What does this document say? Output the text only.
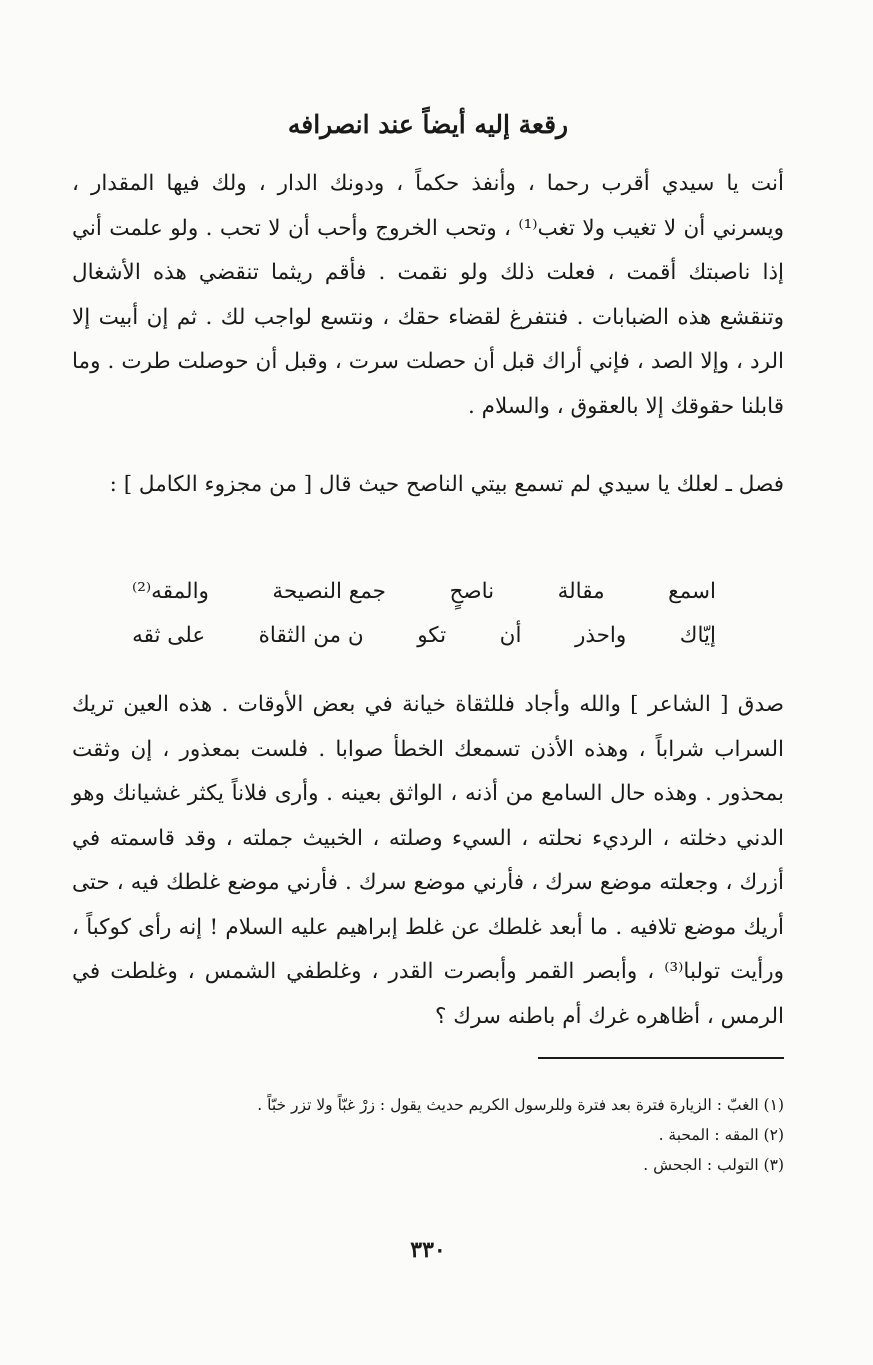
رقعة إليه أيضاً عند انصرافه

أنت يا سيدي أقرب رحما ، وأنفذ حكماً ، ودونك الدار ، ولك فيها المقدار ، ويسرني أن لا تغيب ولا تغب⁽¹⁾ ، وتحب الخروج وأحب أن لا تحب . ولو علمت أني إذا ناصبتك أقمت ، فعلت ذلك ولو نقمت . فأقم ريثما تنقضي هذه الأشغال وتنقشع هذه الضبابات . فنتفرغ لقضاء حقك ، ونتسع لواجب لك . ثم إن أبيت إلا الرد ، وإلا الصد ، فإني أراك قبل أن حصلت سرت ، وقبل أن حوصلت طرت . وما قابلنا حقوقك إلا بالعقوق ، والسلام .

فصل ـ لعلك يا سيدي لم تسمع بيتي الناصح حيث قال [ من مجزوء الكامل ] :

اسمع
مقالة
ناصحٍ
جمع النصيحة
والمقه⁽²⁾
إيّاك
واحذر
أن
تكو
ن من الثقاة
على ثقه

صدق [ الشاعر ] والله وأجاد فللثقاة خيانة في بعض الأوقات . هذه العين تريك السراب شراباً ، وهذه الأذن تسمعك الخطأ صوابا . فلست بمعذور ، إن وثقت بمحذور . وهذه حال السامع من أذنه ، الواثق بعينه . وأرى فلاناً يكثر غشيانك وهو الدني دخلته ، الرديء نحلته ، السيء وصلته ، الخبيث جملته ، وقد قاسمته في أزرك ، وجعلته موضع سرك ، فأرني موضع سرك . فأرني موضع غلطك فيه ، حتى أريك موضع تلافيه . ما أبعد غلطك عن غلط إبراهيم عليه السلام ! إنه رأى كوكباً ، ورأيت تولبا⁽³⁾ ، وأبصر القمر وأبصرت القدر ، وغلطفي الشمس ، وغلطت في الرمس ، أظاهره غرك أم باطنه سرك ؟

(١) الغبّ : الزيارة فترة بعد فترة وللرسول الكريم حديث يقول : زرْ غبّاً ولا تزر خبّاً .
(٢) المقه : المحبة .
(٣) التولب : الجحش .
٣٣٠
